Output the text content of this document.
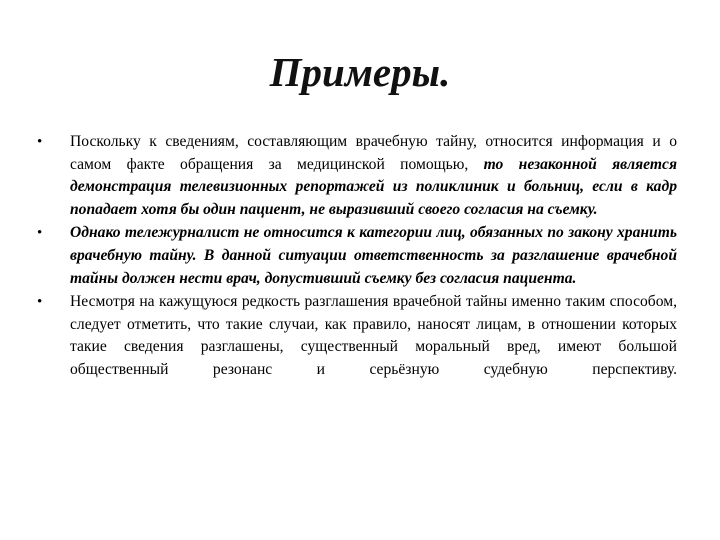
Примеры.
•	Поскольку к сведениям, составляющим врачебную тайну, относится информация и о самом факте обращения за медицинской помощью, то незаконной является демонстрация телевизионных репортажей из поликлиник и больниц, если в кадр попадает хотя бы один пациент, не выразивший своего согласия на съемку.
•	Однако тележурналист не относится к категории лиц, обязанных по закону хранить врачебную тайну. В данной ситуации ответственность за разглашение врачебной тайны должен нести врач, допустивший съемку без согласия пациента.
•	Несмотря на кажущуюся редкость разглашения врачебной тайны именно таким способом, следует отметить, что такие случаи, как правило, наносят лицам, в отношении которых такие сведения разглашены, существенный моральный вред, имеют большой общественный резонанс и серьёзную судебную перспективу.
